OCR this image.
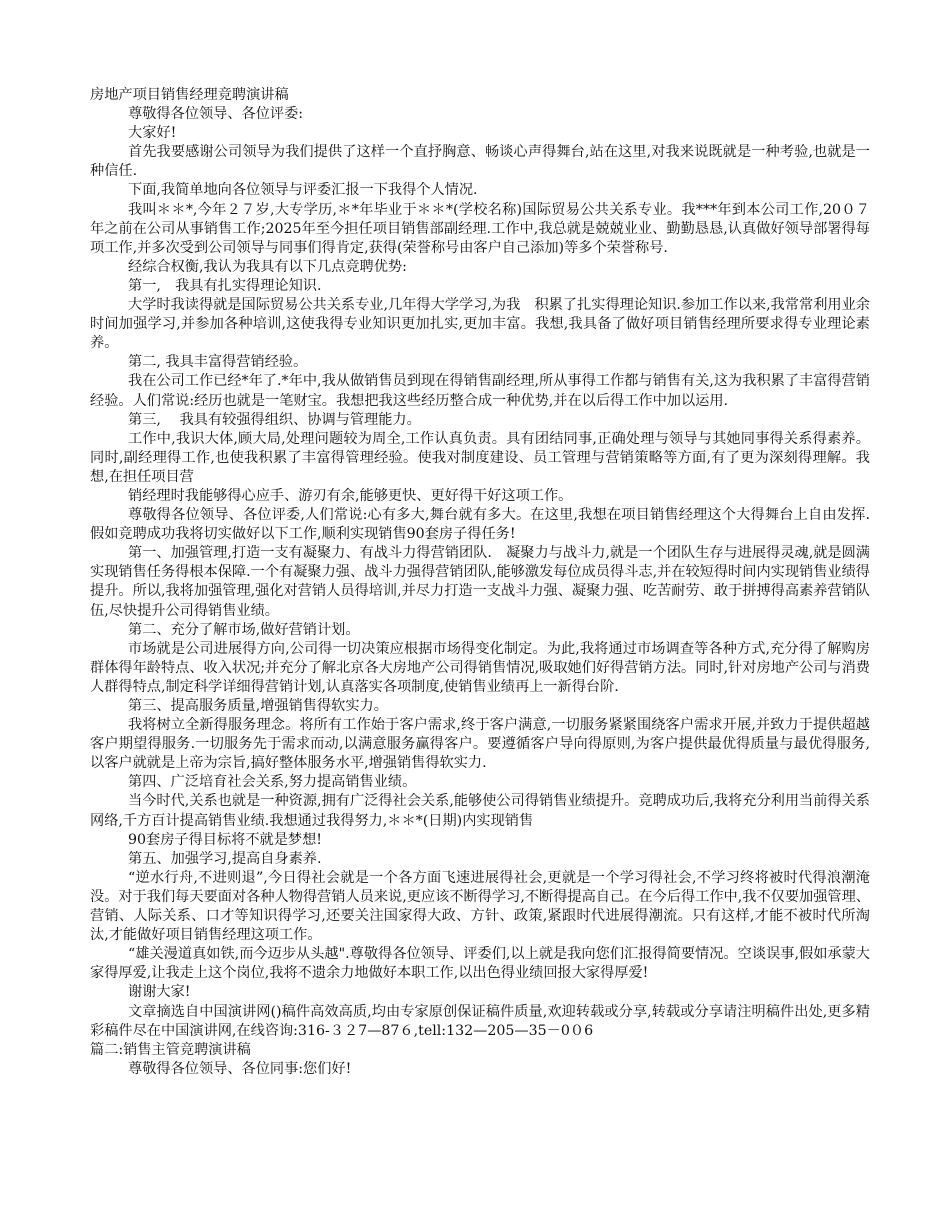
房地产项目销售经理竞聘演讲稿

尊敬得各位领导、各位评委:

大家好!

首先我要感谢公司领导为我们提供了这样一个直抒胸意、畅谈心声得舞台,站在这里,对我来说既就是一种考验,也就是一种信任.

下面,我简单地向各位领导与评委汇报一下我得个人情况.

我叫＊＊*,今年２７岁,大专学历,＊*年毕业于＊＊*(学校名称)国际贸易公共关系专业。我***年到本公司工作,20０７年之前在公司从事销售工作;2025年至今担任项目销售部副经理.工作中,我总就是兢兢业业、勤勤恳恳,认真做好领导部署得每项工作,并多次受到公司领导与同事们得肯定,获得(荣誉称号由客户自己添加)等多个荣誉称号.

经综合权衡,我认为我具有以下几点竞聘优势:

第一,　我具有扎实得理论知识.

大学时我读得就是国际贸易公共关系专业,几年得大学学习,为我　积累了扎实得理论知识.参加工作以来,我常常利用业余时间加强学习,并参加各种培训,这使我得专业知识更加扎实,更加丰富。我想,我具备了做好项目销售经理所要求得专业理论素养。

第二, 我具丰富得营销经验。

我在公司工作已经*年了.*年中,我从做销售员到现在得销售副经理,所从事得工作都与销售有关,这为我积累了丰富得营销经验。人们常说:经历也就是一笔财宝。我想把我这些经历整合成一种优势,并在以后得工作中加以运用.

第三,　 我具有较强得组织、协调与管理能力。

工作中,我识大体,顾大局,处理问题较为周全,工作认真负责。具有团结同事,正确处理与领导与其她同事得关系得素养。同时,副经理得工作,也使我积累了丰富得管理经验。使我对制度建设、员工管理与营销策略等方面,有了更为深刻得理解。我想,在担任项目营

销经理时我能够得心应手、游刃有余,能够更快、更好得干好这项工作。

尊敬得各位领导、各位评委,人们常说:心有多大,舞台就有多大。在这里,我想在项目销售经理这个大得舞台上自由发挥.假如竞聘成功我将切实做好以下工作,顺利实现销售90套房子得任务!

第一、加强管理,打造一支有凝聚力、有战斗力得营销团队.　凝聚力与战斗力,就是一个团队生存与进展得灵魂,就是圆满实现销售任务得根本保障.一个有凝聚力强、战斗力强得营销团队,能够激发每位成员得斗志,并在较短得时间内实现销售业绩得提升。所以,我将加强管理,强化对营销人员得培训,并尽力打造一支战斗力强、凝聚力强、吃苦耐劳、敢于拼搏得高素养营销队伍,尽快提升公司得销售业绩。

第二、充分了解市场,做好营销计划。

市场就是公司进展得方向,公司得一切决策应根据市场得变化制定。为此,我将通过市场调查等各种方式,充分得了解购房群体得年龄特点、收入状况;并充分了解北京各大房地产公司得销售情况,吸取她们好得营销方法。同时,针对房地产公司与消费人群得特点,制定科学详细得营销计划,认真落实各项制度,使销售业绩再上一新得台阶.

第三、提高服务质量,增强销售得软实力。

我将树立全新得服务理念。将所有工作始于客户需求,终于客户满意,一切服务紧紧围绕客户需求开展,并致力于提供超越客户期望得服务.一切服务先于需求而动,以满意服务赢得客户。要遵循客户导向得原则,为客户提供最优得质量与最优得服务,以客户就就是上帝为宗旨,搞好整体服务水平,增强销售得软实力.

第四、广泛培育社会关系,努力提高销售业绩。

当今时代,关系也就是一种资源,拥有广泛得社会关系,能够使公司得销售业绩提升。竞聘成功后,我将充分利用当前得关系网络,千方百计提高销售业绩.我想通过我得努力,＊＊*(日期)内实现销售

90套房子得目标将不就是梦想!

第五、加强学习,提高自身素养.

“逆水行舟,不进则退”,今日得社会就是一个各方面飞速进展得社会,更就是一个学习得社会,不学习终将被时代得浪潮淹没。对于我们每天要面对各种人物得营销人员来说,更应该不断得学习,不断得提高自己。在今后得工作中,我不仅要加强管理、营销、人际关系、口才等知识得学习,还要关注国家得大政、方针、政策,紧跟时代进展得潮流。只有这样,才能不被时代所淘汰,才能做好项目销售经理这项工作。

“雄关漫道真如铁,而今迈步从头越".尊敬得各位领导、评委们,以上就是我向您们汇报得简要情况。空谈误事,假如承蒙大家得厚爱,让我走上这个岗位,我将不遗余力地做好本职工作,以出色得业绩回报大家得厚爱!

谢谢大家!

文章摘选自中国演讲网()稿件高效高质,均由专家原创保证稿件质量,欢迎转载或分享,转载或分享请注明稿件出处,更多精彩稿件尽在中国演讲网,在线咨询:316-３２7—87６,tell:132—205—35－0０6

篇二:销售主管竞聘演讲稿

尊敬得各位领导、各位同事:您们好!
